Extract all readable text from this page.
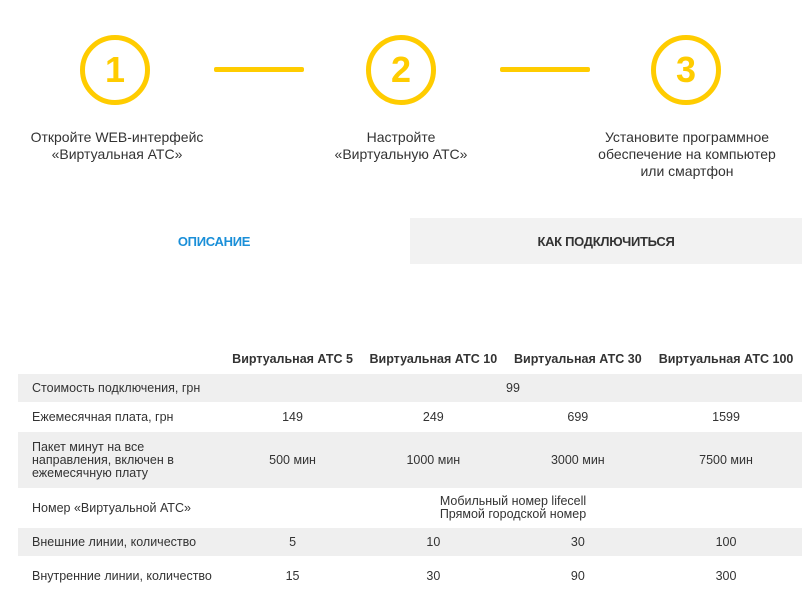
1	2	3
Откройте WEB-интерфейс
«Виртуальная АТС»
Настройте
«Виртуальную АТС»
Установите программное
обеспечение на компьютер
или смартфон
ОПИСАНИЕ	КАК ПОДКЛЮЧИТЬСЯ
	Виртуальная АТС 5	Виртуальная АТС 10	Виртуальная АТС 30	Виртуальная АТС 100
Стоимость подключения, грн	99			
Ежемесячная плата, грн	149	249	699	1599
Пакет минут на все направления, включен в ежемесячную плату	500 мин	1000 мин	3000 мин	7500 мин
Номер «Виртуальной АТС»	Мобильный номер lifecell
Прямой городской номер			

Внешние линии, количество	5	10	30	100
Внутренние линии, количество	15	30	90	300
